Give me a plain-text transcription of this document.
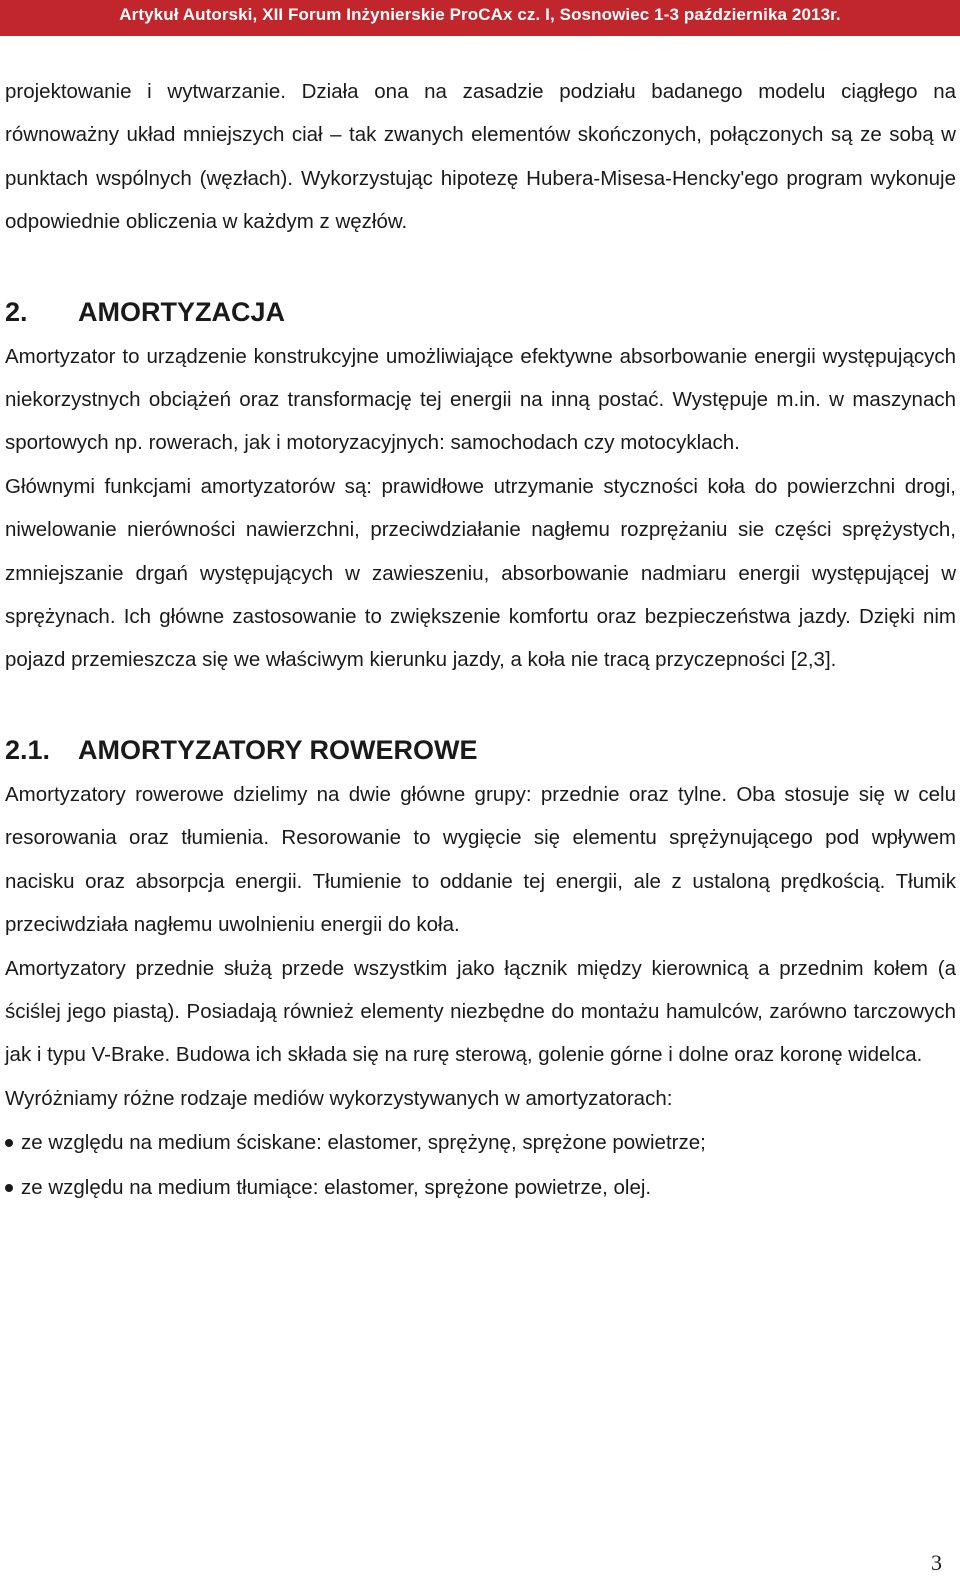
Artykuł Autorski, XII Forum Inżynierskie ProCAx cz. I, Sosnowiec 1-3 października 2013r.

projektowanie i wytwarzanie. Działa ona na zasadzie podziału badanego modelu ciągłego na równoważny układ mniejszych ciał – tak zwanych elementów skończonych, połączonych są ze sobą w punktach wspólnych (węzłach). Wykorzystując hipotezę Hubera-Misesa-Hencky'ego program wykonuje odpowiednie obliczenia w każdym z węzłów.

2. AMORTYZACJA

Amortyzator to urządzenie konstrukcyjne umożliwiające efektywne absorbowanie energii występujących niekorzystnych obciążeń oraz transformację tej energii na inną postać. Występuje m.in. w maszynach sportowych np. rowerach, jak i motoryzacyjnych: samochodach czy motocyklach.

Głównymi funkcjami amortyzatorów są: prawidłowe utrzymanie styczności koła do powierzchni drogi, niwelowanie nierówności nawierzchni, przeciwdziałanie nagłemu rozprężaniu sie części sprężystych, zmniejszanie drgań występujących w zawieszeniu, absorbowanie nadmiaru energii występującej w sprężynach. Ich główne zastosowanie to zwiększenie komfortu oraz bezpieczeństwa jazdy. Dzięki nim pojazd przemieszcza się we właściwym kierunku jazdy, a koła nie tracą przyczepności [2,3].

2.1. AMORTYZATORY ROWEROWE

Amortyzatory rowerowe dzielimy na dwie główne grupy: przednie oraz tylne. Oba stosuje się w celu resorowania oraz tłumienia. Resorowanie to wygięcie się elementu sprężynującego pod wpływem nacisku oraz absorpcja energii. Tłumienie to oddanie tej energii, ale z ustaloną prędkością. Tłumik przeciwdziała nagłemu uwolnieniu energii do koła.

Amortyzatory przednie służą przede wszystkim jako łącznik między kierownicą a przednim kołem (a ściślej jego piastą). Posiadają również elementy niezbędne do montażu hamulców, zarówno tarczowych jak i typu V-Brake. Budowa ich składa się na rurę sterową, golenie górne i dolne oraz koronę widelca.

Wyróżniamy różne rodzaje mediów wykorzystywanych w amortyzatorach:

ze względu na medium ściskane: elastomer, sprężynę, sprężone powietrze;
ze względu na medium tłumiące: elastomer, sprężone powietrze, olej.
3
